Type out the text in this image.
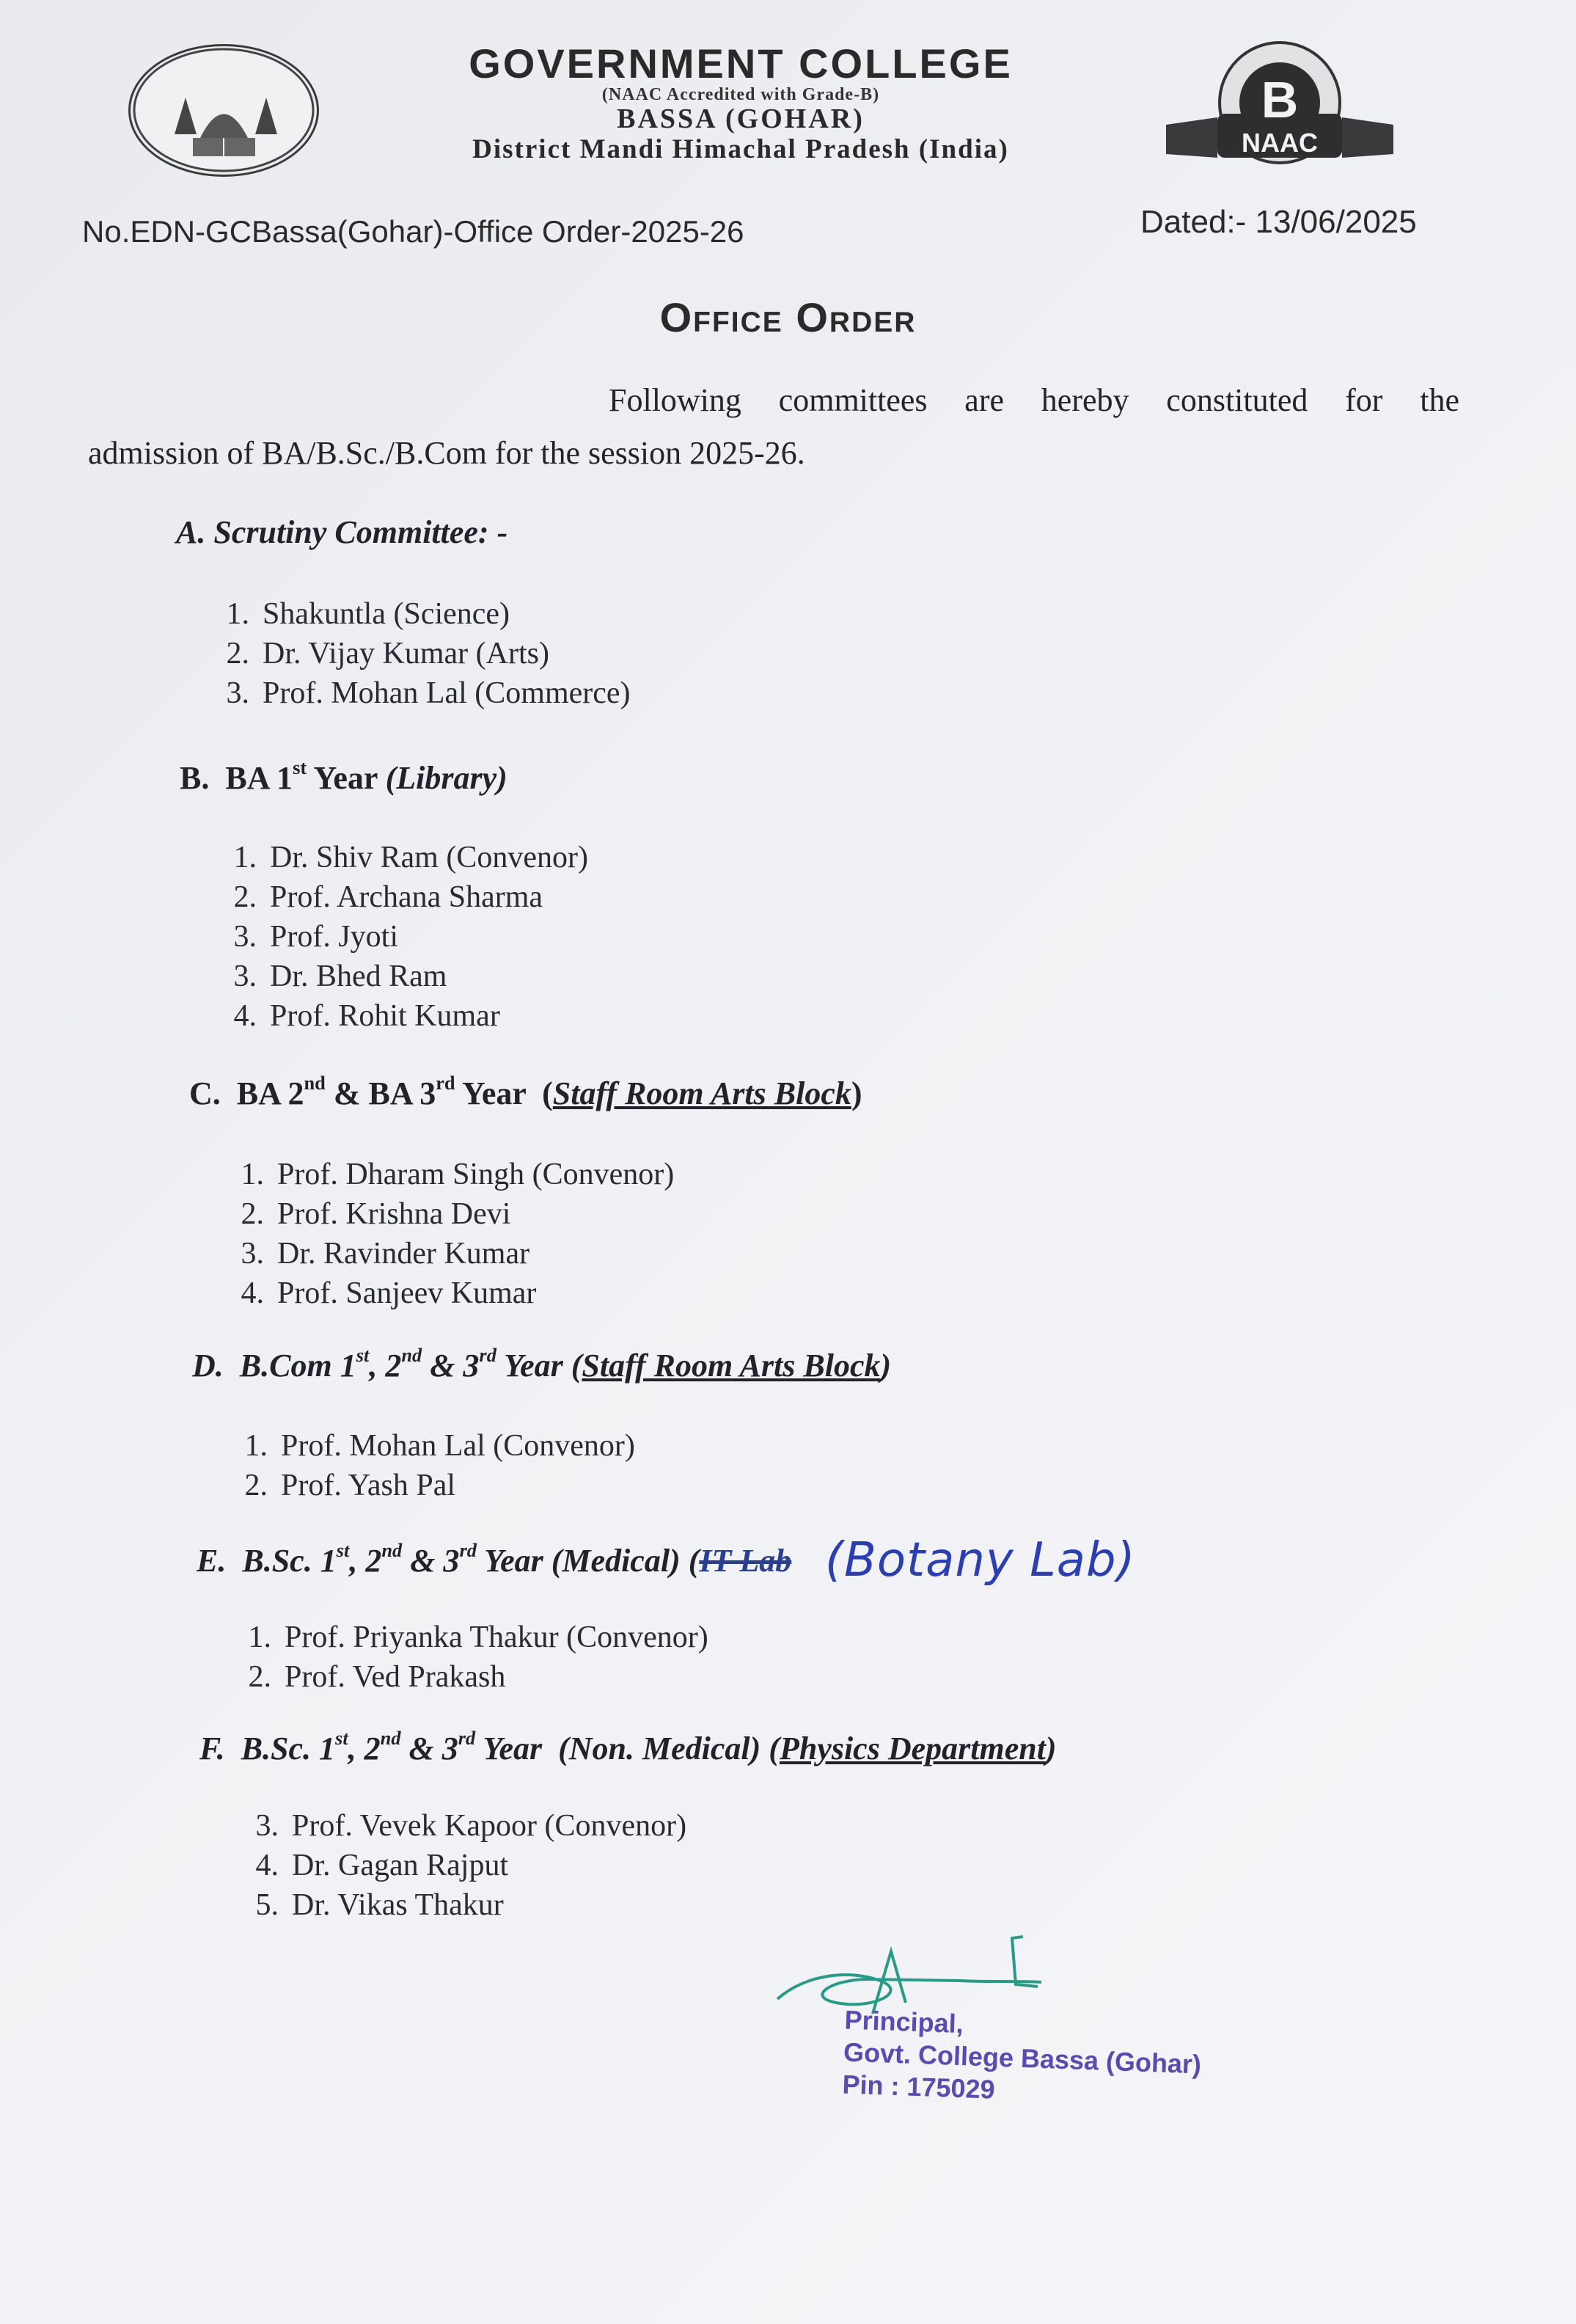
GOVERNMENT COLLEGE
(NAAC Accredited with Grade-B)
BASSA (GOHAR)
District Mandi Himachal Pradesh (India)
B
NAAC
No.EDN-GCBassa(Gohar)-Office Order-2025-26	Dated:- 13/06/2025
Office Order
Following committees are hereby constituted for the
admission of BA/B.Sc./B.Com for the session 2025-26.
A. Scrutiny Committee: -
1. Shakuntla (Science)
2. Dr. Vijay Kumar (Arts)
3. Prof. Mohan Lal (Commerce)
B. BA 1st Year (Library)
1. Dr. Shiv Ram (Convenor)
2. Prof. Archana Sharma
3. Prof. Jyoti
3. Dr. Bhed Ram
4. Prof. Rohit Kumar
C. BA 2nd & BA 3rd Year  (Staff Room Arts Block)
1. Prof. Dharam Singh (Convenor)
2. Prof. Krishna Devi
3. Dr. Ravinder Kumar
4. Prof. Sanjeev Kumar
D. B.Com 1st, 2nd & 3rd Year (Staff Room Arts Block)
1. Prof. Mohan Lal (Convenor)
2. Prof. Yash Pal
E. B.Sc. 1st, 2nd & 3rd Year (Medical) (IT Lab (Botany Lab)
1. Prof. Priyanka Thakur (Convenor)
2. Prof. Ved Prakash
F. B.Sc. 1st, 2nd & 3rd Year  (Non. Medical) (Physics Department)
3. Prof. Vevek Kapoor (Convenor)
4. Dr. Gagan Rajput
5. Dr. Vikas Thakur
Principal,
Govt. College Bassa (Gohar)
Pin : 175029
